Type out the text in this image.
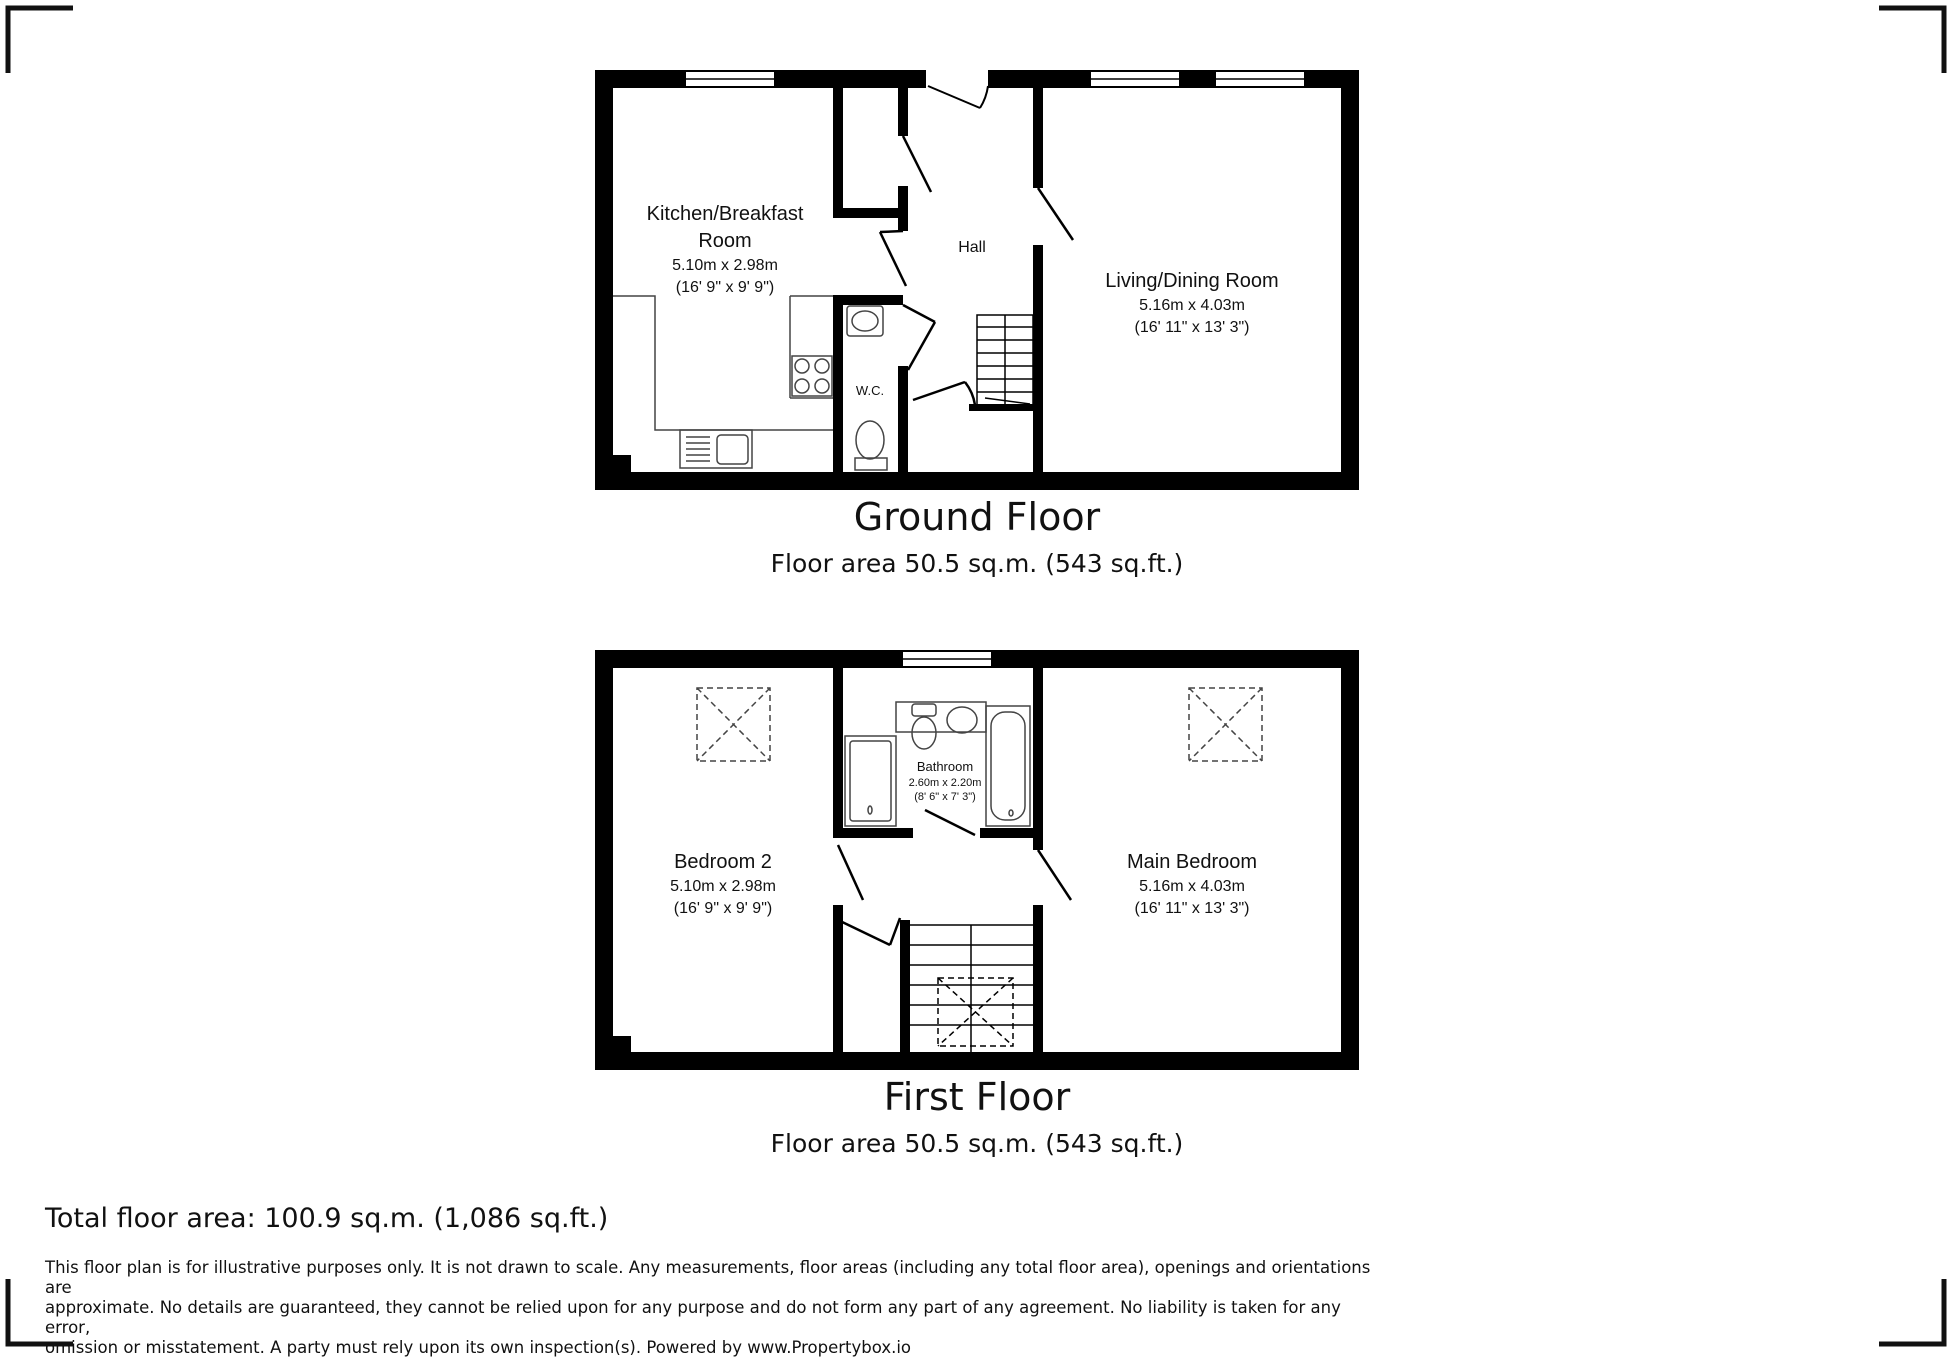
Kitchen/Breakfast
Room
5.10m x 2.98m
(16' 9" x 9' 9")
Hall
W.C.
Living/Dining Room
5.16m x 4.03m
(16' 11" x 13' 3")
Ground Floor
Floor area 50.5 sq.m. (543 sq.ft.)
Bedroom 2
5.10m x 2.98m
(16' 9" x 9' 9")
Bathroom
2.60m x 2.20m
(8' 6" x 7' 3")
Main Bedroom
5.16m x 4.03m
(16' 11" x 13' 3")
First Floor
Floor area 50.5 sq.m. (543 sq.ft.)
Total floor area: 100.9 sq.m. (1,086 sq.ft.)
This floor plan is for illustrative purposes only. It is not drawn to scale. Any measurements, floor areas (including any total floor area), openings and orientations are
approximate. No details are guaranteed, they cannot be relied upon for any purpose and do not form any part of any agreement. No liability is taken for any error,
omission or misstatement. A party must rely upon its own inspection(s). Powered by www.Propertybox.io
